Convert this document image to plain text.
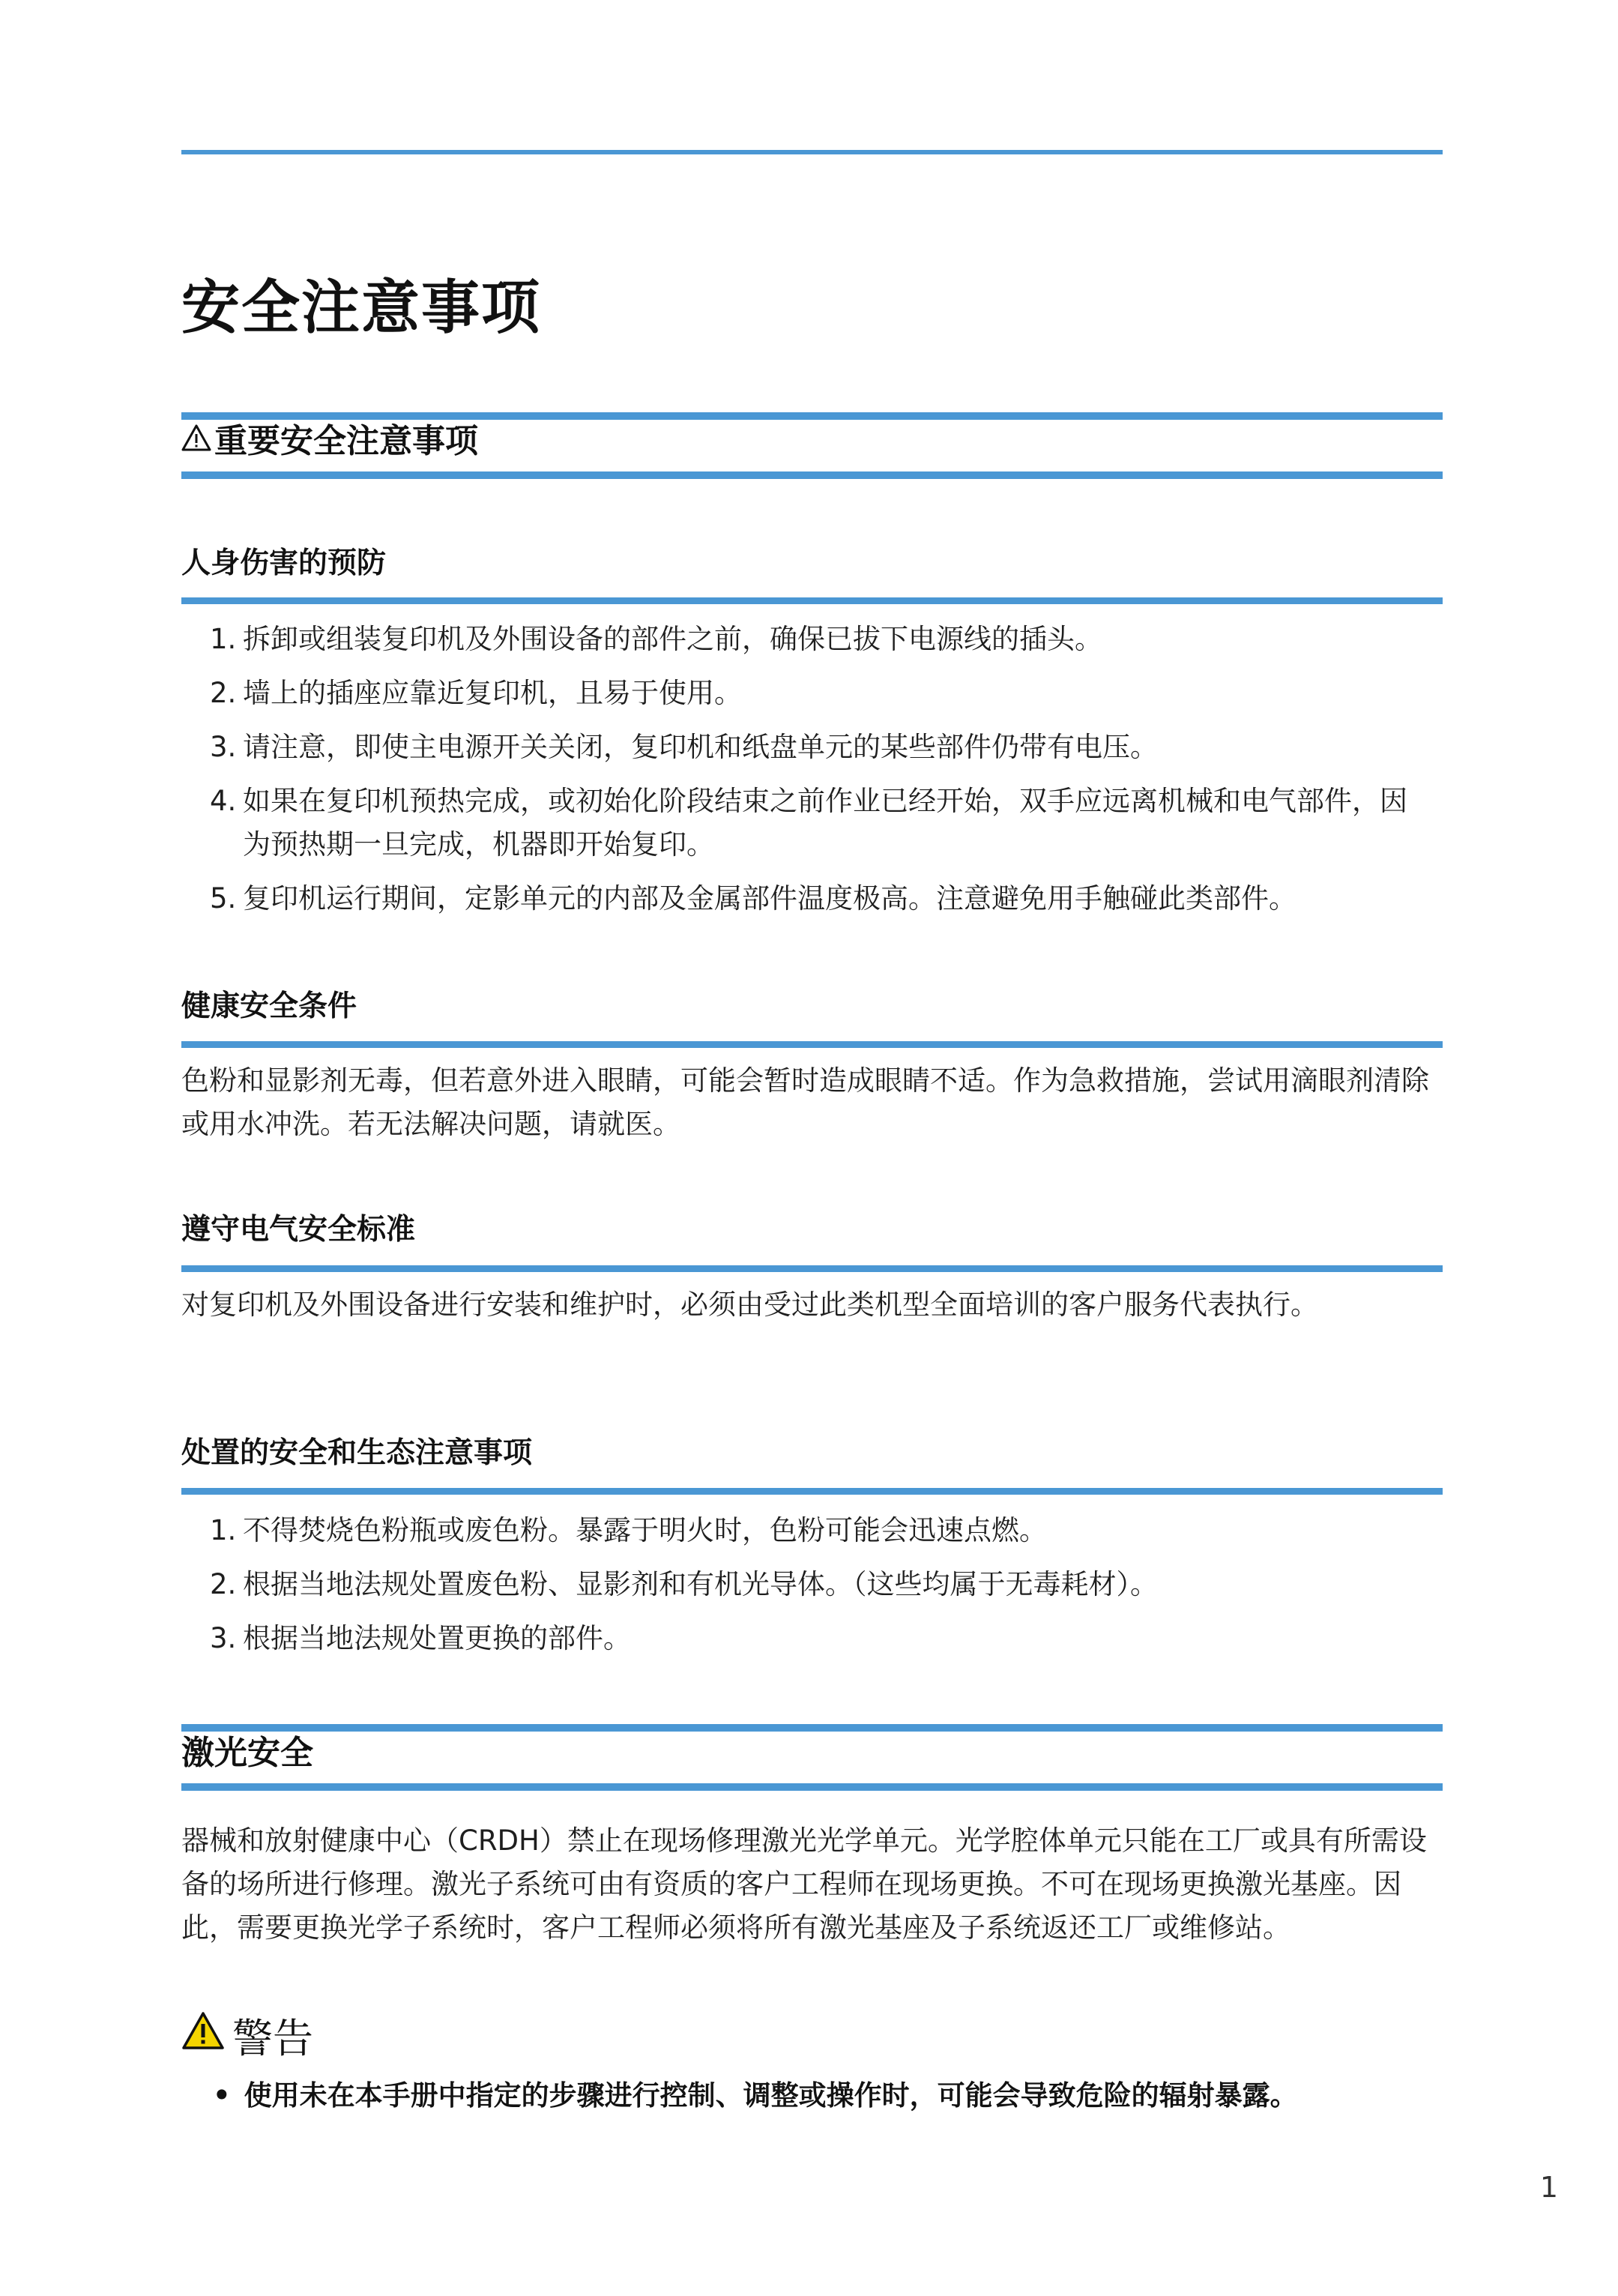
安全注意事项
重要安全注意事项
人身伤害的预防
1. 拆卸或组装复印机及外围设备的部件之前，确保已拔下电源线的插头。
2. 墙上的插座应靠近复印机，且易于使用。
3. 请注意，即使主电源开关关闭，复印机和纸盘单元的某些部件仍带有电压。
4. 如果在复印机预热完成，或初始化阶段结束之前作业已经开始，双手应远离机械和电气部件，因为预热期一旦完成，机器即开始复印。
5. 复印机运行期间，定影单元的内部及金属部件温度极高。注意避免用手触碰此类部件。
健康安全条件

色粉和显影剂无毒，但若意外进入眼睛，可能会暂时造成眼睛不适。作为急救措施，尝试用滴眼剂清除或用水冲洗。若无法解决问题，请就医。

遵守电气安全标准

对复印机及外围设备进行安装和维护时，必须由受过此类机型全面培训的客户服务代表执行。

处置的安全和生态注意事项
1. 不得焚烧色粉瓶或废色粉。暴露于明火时，色粉可能会迅速点燃。
2. 根据当地法规处置废色粉、显影剂和有机光导体。（这些均属于无毒耗材）。
3. 根据当地法规处置更换的部件。
激光安全

器械和放射健康中心（CRDH）禁止在现场修理激光光学单元。光学腔体单元只能在工厂或具有所需设备的场所进行修理。激光子系统可由有资质的客户工程师在现场更换。不可在现场更换激光基座。因此，需要更换光学子系统时，客户工程师必须将所有激光基座及子系统返还工厂或维修站。

警告
• 使用未在本手册中指定的步骤进行控制、调整或操作时，可能会导致危险的辐射暴露。
1
